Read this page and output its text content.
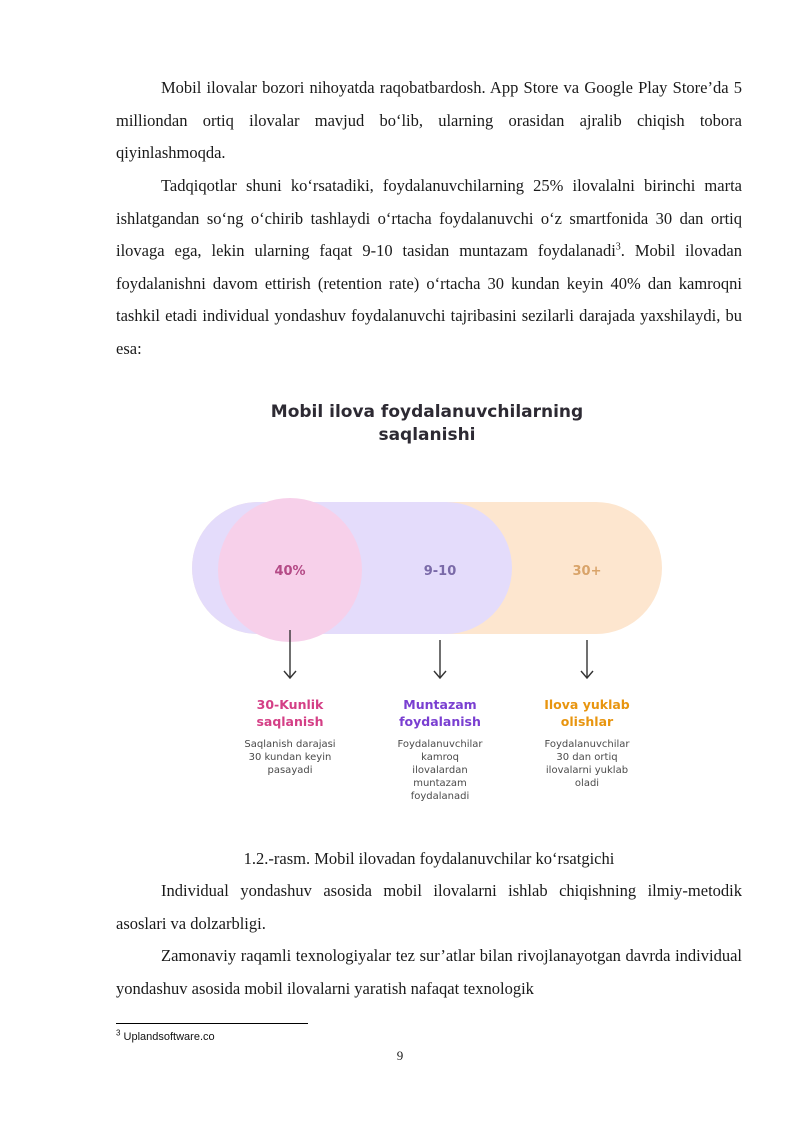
Mobil ilovalar bozori nihoyatda raqobatbardosh. App Store va Google Play Store’da 5 milliondan ortiq ilovalar mavjud bo‘lib, ularning orasidan ajralib chiqish tobora qiyinlashmoqda.

Tadqiqotlar shuni ko‘rsatadiki, foydalanuvchilarning 25% ilovalalni birinchi marta ishlatgandan so‘ng o‘chirib tashlaydi o‘rtacha foydalanuvchi o‘z smartfonida 30 dan ortiq ilovaga ega, lekin ularning faqat 9-10 tasidan muntazam foydalanadi$^3$. Mobil ilovadan foydalanishni davom ettirish (retention rate) o‘rtacha 30 kundan keyin 40% dan kamroqni tashkil etadi individual yondashuv foydalanuvchi tajribasini sezilarli darajada yaxshilaydi, bu esa:

Mobil ilova foydalanuvchilarning
saqlanishi
40%	9-10	30+
30-Kunlik
saqlanish
Saqlanish darajasi
30 kundan keyin
pasayadi
Muntazam
foydalanish
Foydalanuvchilar
kamroq
ilovalardan
muntazam
foydalanadi
Ilova yuklab
olishlar
Foydalanuvchilar
30 dan ortiq
ilovalarni yuklab
oladi
1.2.-rasm. Mobil ilovadan foydalanuvchilar ko‘rsatgichi

Individual yondashuv asosida mobil ilovalarni ishlab chiqishning ilmiy-metodik asoslari va dolzarbligi.

Zamonaviy raqamli texnologiyalar tez sur’atlar bilan rivojlanayotgan davrda individual yondashuv asosida mobil ilovalarni yaratish nafaqat texnologik

$^3$ Uplandsoftware.co
9
